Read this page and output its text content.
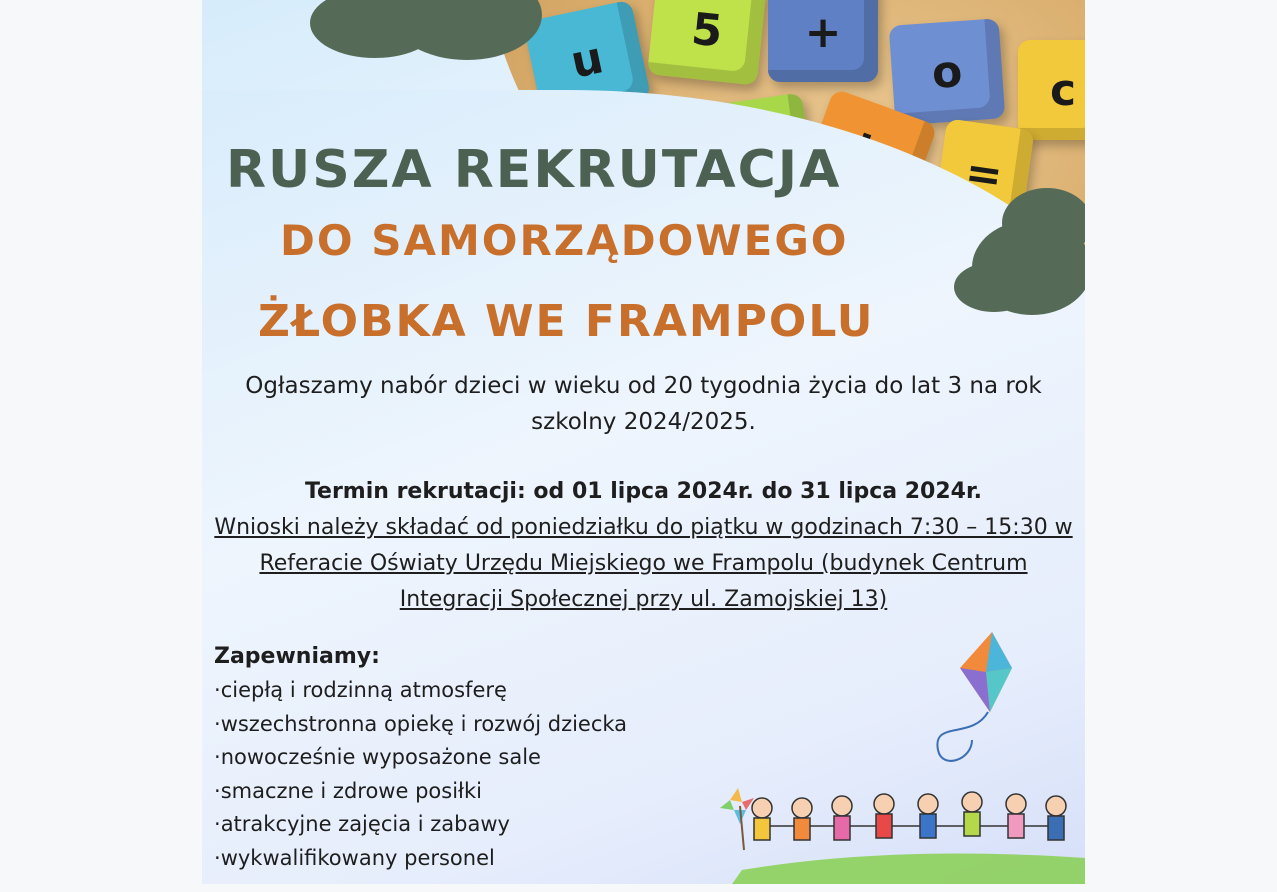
u
5	+
o	c
=
RUSZA REKRUTACJA
DO SAMORZĄDOWEGO
ŻŁOBKA WE FRAMPOLU
Ogłaszamy nabór dzieci w wieku od 20 tygodnia życia do lat 3 na rok szkolny 2024/2025.
Termin rekrutacji: od 01 lipca 2024r. do 31 lipca 2024r.
Wnioski należy składać od poniedziałku do piątku w godzinach 7:30 – 15:30 w Referacie Oświaty Urzędu Miejskiego we Frampolu (budynek Centrum Integracji Społecznej przy ul. Zamojskiej 13)
Zapewniamy:
· ciepłą i rodzinną atmosferę
· wszechstronna opiekę i rozwój dziecka
· nowocześnie wyposażone sale
· smaczne i zdrowe posiłki
· atrakcyjne zajęcia i zabawy
· wykwalifikowany personel
